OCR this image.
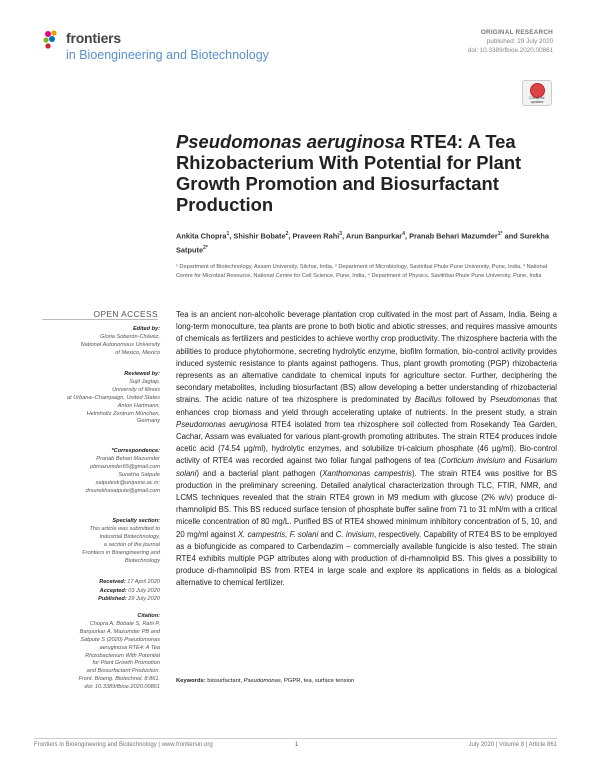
frontiers
in Bioengineering and Biotechnology
ORIGINAL RESEARCH
published: 29 July 2020
doi: 10.3389/fbioe.2020.00861
Check for updates
Pseudomonas aeruginosa RTE4: A Tea Rhizobacterium With Potential for Plant Growth Promotion and Biosurfactant Production
Ankita Chopra$^1$, Shishir Bobate$^2$, Praveen Rahi$^3$, Arun Banpurkar$^4$, Pranab Behari Mazumder$^{1*}$ and Surekha Satpute$^{2*}$
¹ Department of Biotechnology, Assam University, Silchar, India, ² Department of Microbiology, Savitribai Phule Pune University, Pune, India, ³ National Centre for Microbial Resource, National Centre for Cell Science, Pune, India, ⁴ Department of Physics, Savitribai Phule Pune University, Pune, India
OPEN ACCESS
Edited by:
Gloria Soberón-Chávez,
National Autonomous University
of Mexico, Mexico
Reviewed by:
Sujit Jagtap,
University of Illinois
at Urbana–Champaign, United States
Anton Hartmann,
Helmholtz Zentrum München,
Germany
*Correspondence:
Pranab Behari Mazumder
pbmazumder65@gmail.com
Surekha Satpute
satputesk@unipune.ac.in;
drsurekhasatpute@gmail.com
Specialty section:
This article was submitted to
Industrial Biotechnology,
a section of the journal
Frontiers in Bioengineering and
Biotechnology
Received: 17 April 2020
Accepted: 03 July 2020
Published: 29 July 2020
Citation:
Chopra A, Bobate S, Rahi P,
Banpurkar A, Mazumder PB and
Satpute S (2020) Pseudomonas
aeruginosa RTE4: A Tea
Rhizobacterium With Potential
for Plant Growth Promotion
and Biosurfactant Production.
Front. Bioeng. Biotechnol. 8:861.
doi: 10.3389/fbioe.2020.00861
Tea is an ancient non-alcoholic beverage plantation crop cultivated in the most part of Assam, India. Being a long-term monoculture, tea plants are prone to both biotic and abiotic stresses, and requires massive amounts of chemicals as fertilizers and pesticides to achieve worthy crop productivity. The rhizosphere bacteria with the abilities to produce phytohormone, secreting hydrolytic enzyme, biofilm formation, bio-control activity provides induced systemic resistance to plants against pathogens. Thus, plant growth promoting (PGP) rhizobacteria represents as an alternative candidate to chemical inputs for agriculture sector. Further, deciphering the secondary metabolites, including biosurfactant (BS) allow developing a better understanding of rhizobacterial strains. The acidic nature of tea rhizosphere is predominated by Bacillus followed by Pseudomonas that enhances crop biomass and yield through accelerating uptake of nutrients. In the present study, a strain Pseudomonas aeruginosa RTE4 isolated from tea rhizosphere soil collected from Rosekandy Tea Garden, Cachar, Assam was evaluated for various plant-growth promoting attributes. The strain RTE4 produces indole acetic acid (74.54 μg/ml), hydrolytic enzymes, and solubilize tri-calcium phosphate (46 μg/ml). Bio-control activity of RTE4 was recorded against two foliar fungal pathogens of tea (Corticium invisium and Fusarium solani) and a bacterial plant pathogen (Xanthomonas campestris). The strain RTE4 was positive for BS production in the preliminary screening. Detailed analytical characterization through TLC, FTIR, NMR, and LCMS techniques revealed that the strain RTE4 grown in M9 medium with glucose (2% w/v) produce di-rhamnolipid BS. This BS reduced surface tension of phosphate buffer saline from 71 to 31 mN/m with a critical micelle concentration of 80 mg/L. Purified BS of RTE4 showed minimum inhibitory concentration of 5, 10, and 20 mg/ml against X. campestris, F. solani and C. invisium, respectively. Capability of RTE4 BS to be employed as a biofungicide as compared to Carbendazim – commercially available fungicide is also tested. The strain RTE4 exhibits multiple PGP attributes along with production of di-rhamnolipid BS. This gives a possibility to produce di-rhamnolipid BS from RTE4 in large scale and explore its applications in fields as a biological alternative to chemical fertilizer.
Keywords: biosurfactant, Pseudomonas, PGPR, tea, surface tension
Frontiers in Bioengineering and Biotechnology | www.frontiersin.org	1	July 2020 | Volume 8 | Article 861
